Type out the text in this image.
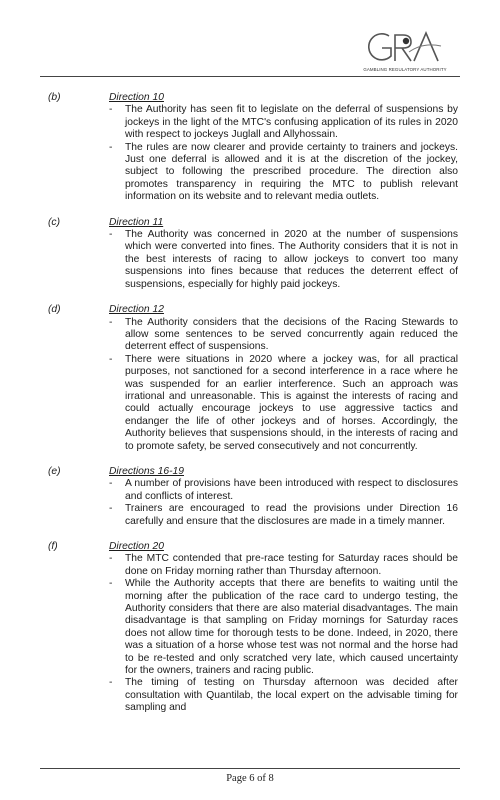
GAMBLING REGULATORY AUTHORITY
(b)	Direction 10
- The Authority has seen fit to legislate on the deferral of suspensions by jockeys in the light of the MTC's confusing application of its rules in 2020 with respect to jockeys Juglall and Allyhossain.
- The rules are now clearer and provide certainty to trainers and jockeys. Just one deferral is allowed and it is at the discretion of the jockey, subject to following the prescribed procedure. The direction also promotes transparency in requiring the MTC to publish relevant information on its website and to relevant media outlets.
(c)	Direction 11
- The Authority was concerned in 2020 at the number of suspensions which were converted into fines. The Authority considers that it is not in the best interests of racing to allow jockeys to convert too many suspensions into fines because that reduces the deterrent effect of suspensions, especially for highly paid jockeys.
(d)	Direction 12
- The Authority considers that the decisions of the Racing Stewards to allow some sentences to be served concurrently again reduced the deterrent effect of suspensions.
- There were situations in 2020 where a jockey was, for all practical purposes, not sanctioned for a second interference in a race where he was suspended for an earlier interference. Such an approach was irrational and unreasonable. This is against the interests of racing and could actually encourage jockeys to use aggressive tactics and endanger the life of other jockeys and of horses. Accordingly, the Authority believes that suspensions should, in the interests of racing and to promote safety, be served consecutively and not concurrently.
(e)	Directions 16-19
- A number of provisions have been introduced with respect to disclosures and conflicts of interest.
- Trainers are encouraged to read the provisions under Direction 16 carefully and ensure that the disclosures are made in a timely manner.
(f)	Direction 20
- The MTC contended that pre-race testing for Saturday races should be done on Friday morning rather than Thursday afternoon.
- While the Authority accepts that there are benefits to waiting until the morning after the publication of the race card to undergo testing, the Authority considers that there are also material disadvantages. The main disadvantage is that sampling on Friday mornings for Saturday races does not allow time for thorough tests to be done. Indeed, in 2020, there was a situation of a horse whose test was not normal and the horse had to be re-tested and only scratched very late, which caused uncertainty for the owners, trainers and racing public.
- The timing of testing on Thursday afternoon was decided after consultation with Quantilab, the local expert on the advisable timing for sampling and
Page 6 of 8
